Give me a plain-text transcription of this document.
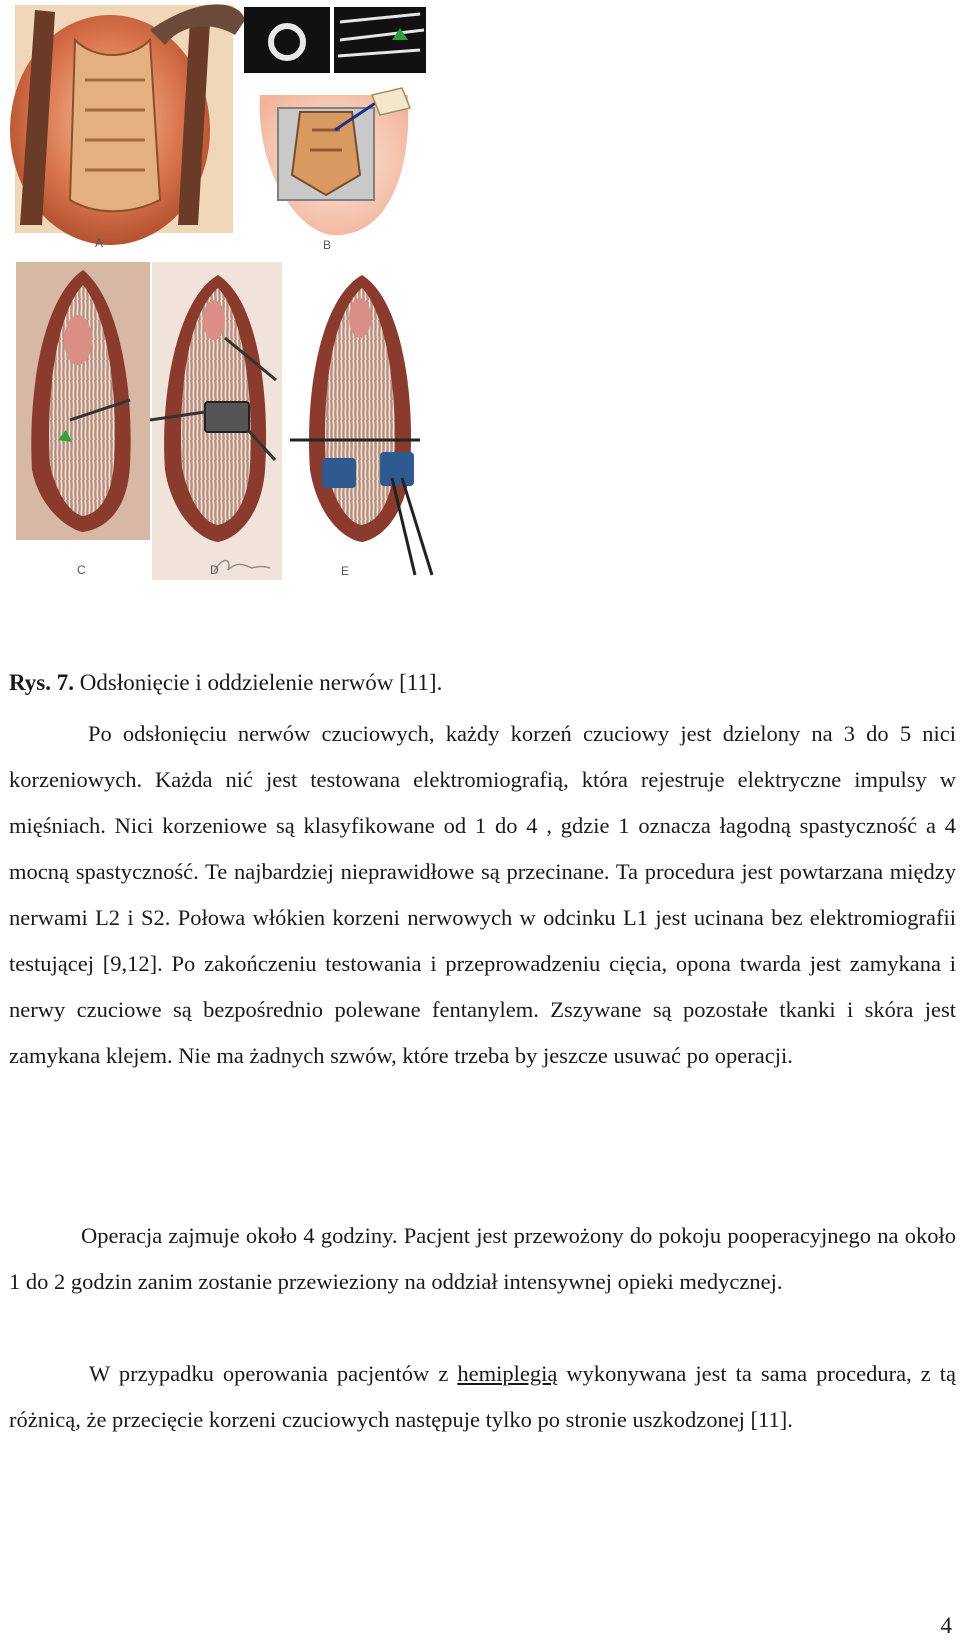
A	B
C	D	E
Rys. 7. Odsłonięcie i oddzielenie nerwów [11].

Po odsłonięciu nerwów czuciowych, każdy korzeń czuciowy jest dzielony na 3 do 5 nici korzeniowych. Każda nić jest testowana elektromiografią, która rejestruje elektryczne impulsy w mięśniach. Nici korzeniowe są klasyfikowane od 1 do 4 , gdzie 1 oznacza łagodną spastyczność a 4 mocną spastyczność. Te najbardziej nieprawidłowe są przecinane. Ta procedura jest powtarzana między nerwami L2 i S2. Połowa włókien korzeni nerwowych w odcinku L1 jest ucinana bez elektromiografii testującej [9,12]. Po zakończeniu testowania i przeprowadzeniu cięcia, opona twarda jest zamykana i nerwy czuciowe są bezpośrednio polewane fentanylem. Zszywane są pozostałe tkanki i skóra jest zamykana klejem. Nie ma żadnych szwów, które trzeba by jeszcze usuwać po operacji.

Operacja zajmuje około 4 godziny. Pacjent jest przewożony do pokoju pooperacyjnego na około 1 do 2 godzin zanim zostanie przewieziony na oddział intensywnej opieki medycznej.

W przypadku operowania pacjentów z hemiplegią wykonywana jest ta sama procedura, z tą różnicą, że przecięcie korzeni czuciowych następuje tylko po stronie uszkodzonej [11].

4
